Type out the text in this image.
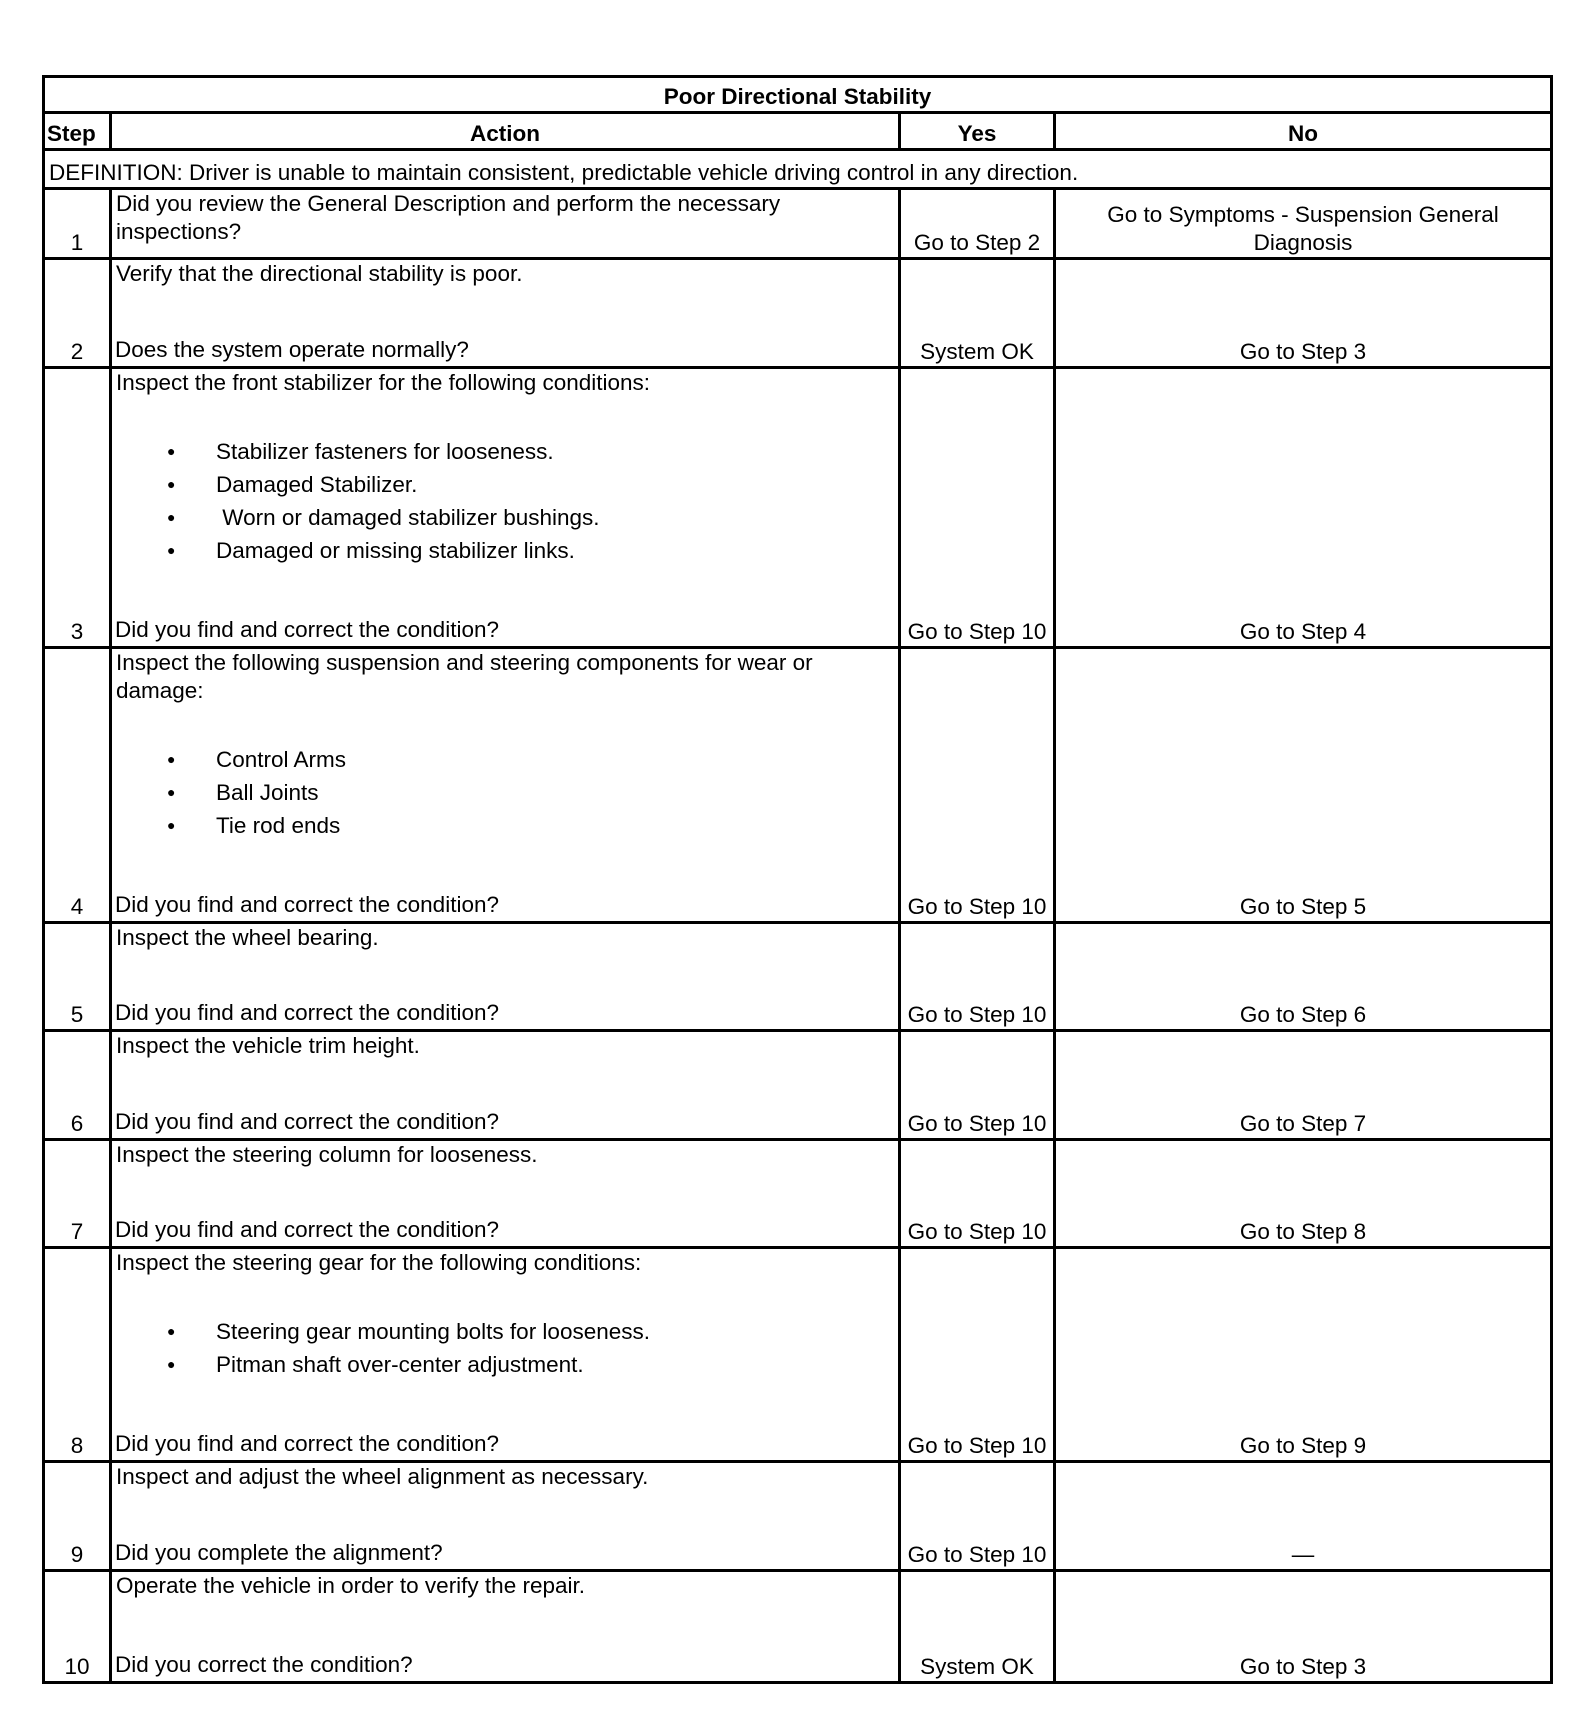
Poor Directional Stability			
Step	Action	Yes	No
DEFINITION: Driver is unable to maintain consistent, predictable vehicle driving control in any direction.			
1	Did you review the General Description and perform the necessary inspections?	Go to Step 2	Go to Symptoms - Suspension General Diagnosis
2	Verify that the directional stability is poor.
Does the system operate normally?	System OK	Go to Step 3
3	
Inspect the front stabilizer for the following conditions:
● Stabilizer fasteners for looseness.
● Damaged Stabilizer.
● Worn or damaged stabilizer bushings.
● Damaged or missing stabilizer links.
Did you find and correct the condition?	Go to Step 10	Go to Step 4
4	
Inspect the following suspension and steering components for wear or damage:
● Control Arms
● Ball Joints
● Tie rod ends
Did you find and correct the condition?	Go to Step 10	Go to Step 5
5	Inspect the wheel bearing.
Did you find and correct the condition?	Go to Step 10	Go to Step 6
6	Inspect the vehicle trim height.
Did you find and correct the condition?	Go to Step 10	Go to Step 7
7	Inspect the steering column for looseness.
Did you find and correct the condition?	Go to Step 10	Go to Step 8
8	
Inspect the steering gear for the following conditions:
● Steering gear mounting bolts for looseness.
● Pitman shaft over-center adjustment.
Did you find and correct the condition?	Go to Step 10	Go to Step 9
9	Inspect and adjust the wheel alignment as necessary.
Did you complete the alignment?	Go to Step 10	—
10	Operate the vehicle in order to verify the repair.
Did you correct the condition?	System OK	Go to Step 3
